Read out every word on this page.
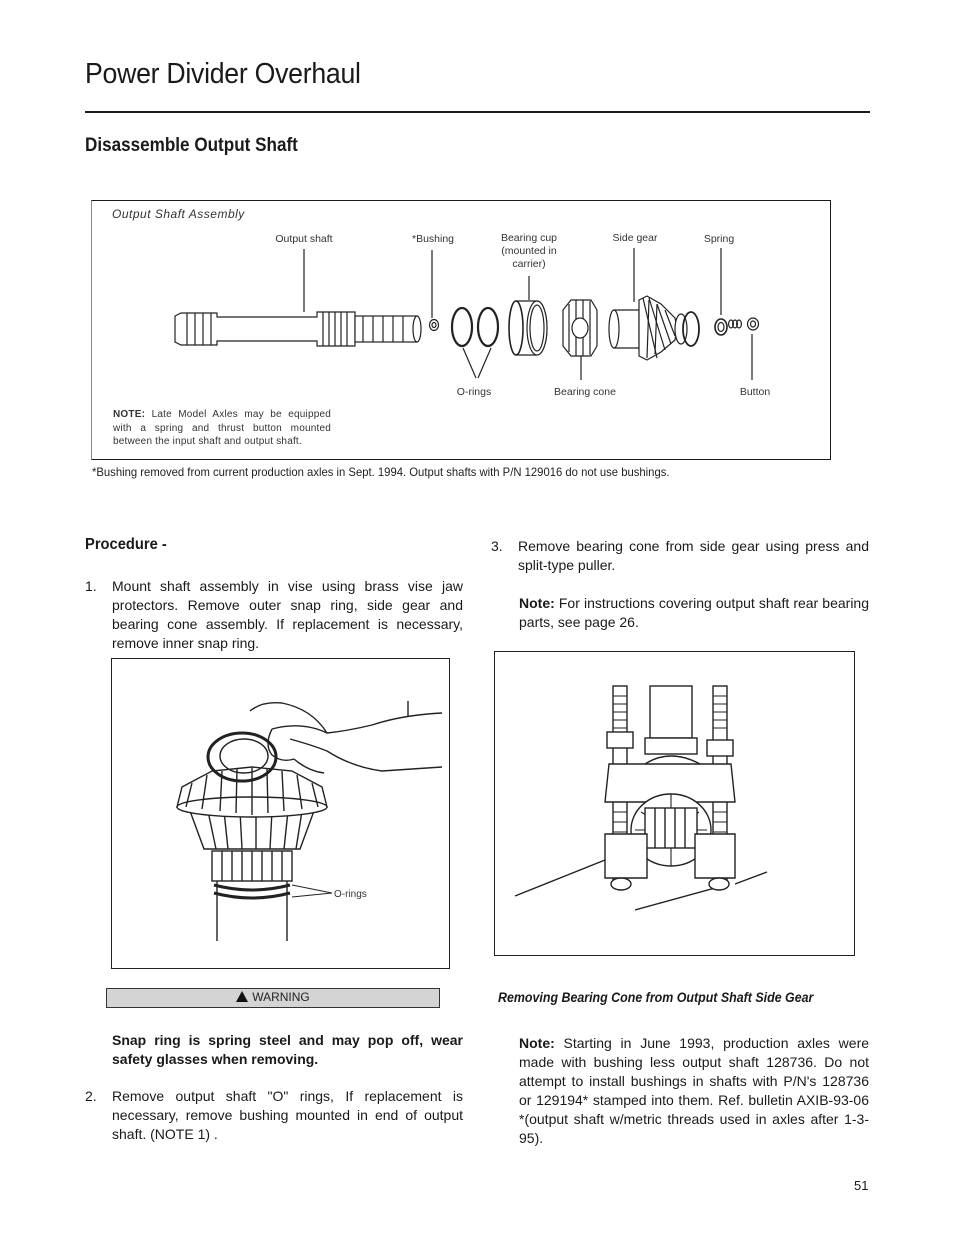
Power Divider Overhaul
Disassemble Output Shaft
Output Shaft Assembly
Output shaft	*Bushing	Bearing cup
(mounted in
carrier)
Side gear	Spring
O-rings	Bearing cone	Button
NOTE: Late Model Axles may be equipped with a spring and thrust button mounted between the input shaft and output shaft.
*Bushing removed from current production axles in Sept. 1994. Output shafts with P/N 129016 do not use bushings.
Procedure -
1. Mount shaft assembly in vise using brass vise jaw protectors. Remove outer snap ring, side gear and bearing cone assembly. If replacement is necessary, remove inner snap ring.
O-rings
WARNING
Snap ring is spring steel and may pop off, wear safety glasses when removing.
2. Remove output shaft "O" rings, If replacement is necessary, remove bushing mounted in end of output shaft. (NOTE 1) .
3. Remove bearing cone from side gear using press and split-type puller.
Note: For instructions covering output shaft rear bearing parts, see page 26.
Removing Bearing Cone from Output Shaft Side Gear
Note: Starting in June 1993, production axles were made with bushing less output shaft 128736. Do not attempt to install bushings in shafts with P/N's 128736 or 129194* stamped into them. Ref. bulletin AXIB-93-06 *(output shaft w/metric threads used in axles after 1-3-95).
51
